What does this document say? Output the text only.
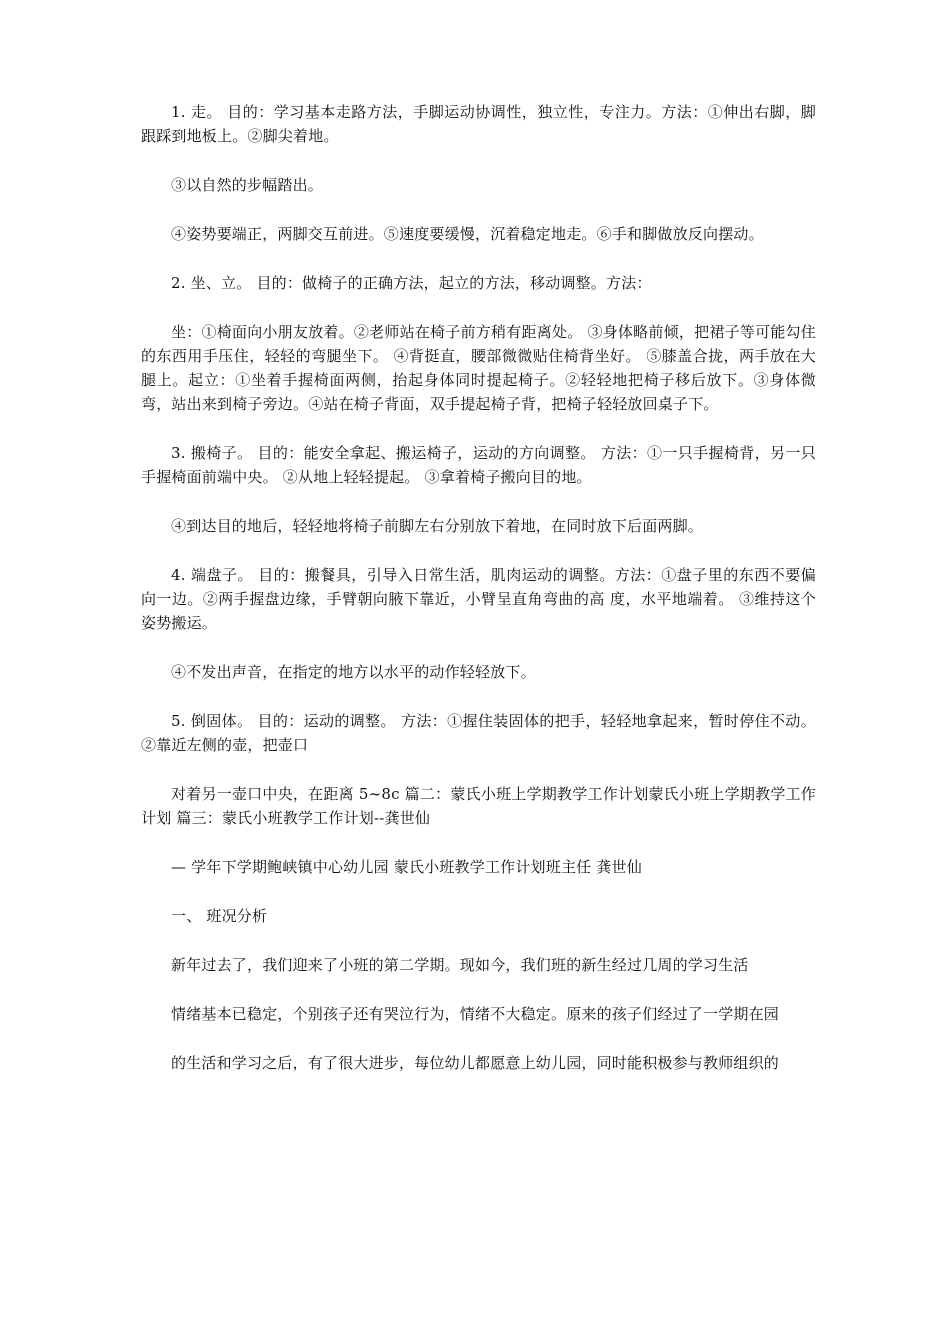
1. 走。 目的：学习基本走路方法，手脚运动协调性，独立性，专注力。方法：①伸出右脚，脚跟踩到地板上。②脚尖着地。

③以自然的步幅踏出。

④姿势要端正，两脚交互前进。⑤速度要缓慢，沉着稳定地走。⑥手和脚做放反向摆动。

2. 坐、立。 目的：做椅子的正确方法，起立的方法，移动调整。方法：

坐：①椅面向小朋友放着。②老师站在椅子前方稍有距离处。 ③身体略前倾，把裙子等可能勾住的东西用手压住，轻轻的弯腿坐下。 ④背挺直，腰部微微贴住椅背坐好。 ⑤膝盖合拢，两手放在大腿上。起立：①坐着手握椅面两侧，抬起身体同时提起椅子。②轻轻地把椅子移后放下。③身体微弯，站出来到椅子旁边。④站在椅子背面，双手提起椅子背，把椅子轻轻放回桌子下。

3. 搬椅子。 目的：能安全拿起、搬运椅子，运动的方向调整。 方法：①一只手握椅背，另一只手握椅面前端中央。 ②从地上轻轻提起。 ③拿着椅子搬向目的地。

④到达目的地后，轻轻地将椅子前脚左右分别放下着地，在同时放下后面两脚。

4. 端盘子。 目的：搬餐具，引导入日常生活，肌肉运动的调整。方法：①盘子里的东西不要偏向一边。②两手握盘边缘，手臂朝向腋下靠近，小臂呈直角弯曲的高 度，水平地端着。 ③维持这个姿势搬运。

④不发出声音，在指定的地方以水平的动作轻轻放下。

5. 倒固体。 目的：运动的调整。 方法：①握住装固体的把手，轻轻地拿起来，暂时停住不动。 ②靠近左侧的壶，把壶口

对着另一壶口中央，在距离 5~8c 篇二：蒙氏小班上学期教学工作计划蒙氏小班上学期教学工作计划 篇三：蒙氏小班教学工作计划--龚世仙

— 学年下学期鲍峡镇中心幼儿园 蒙氏小班教学工作计划班主任 龚世仙

一、 班况分析

新年过去了，我们迎来了小班的第二学期。现如今，我们班的新生经过几周的学习生活

情绪基本已稳定，个别孩子还有哭泣行为，情绪不大稳定。原来的孩子们经过了一学期在园

的生活和学习之后，有了很大进步，每位幼儿都愿意上幼儿园，同时能积极参与教师组织的
